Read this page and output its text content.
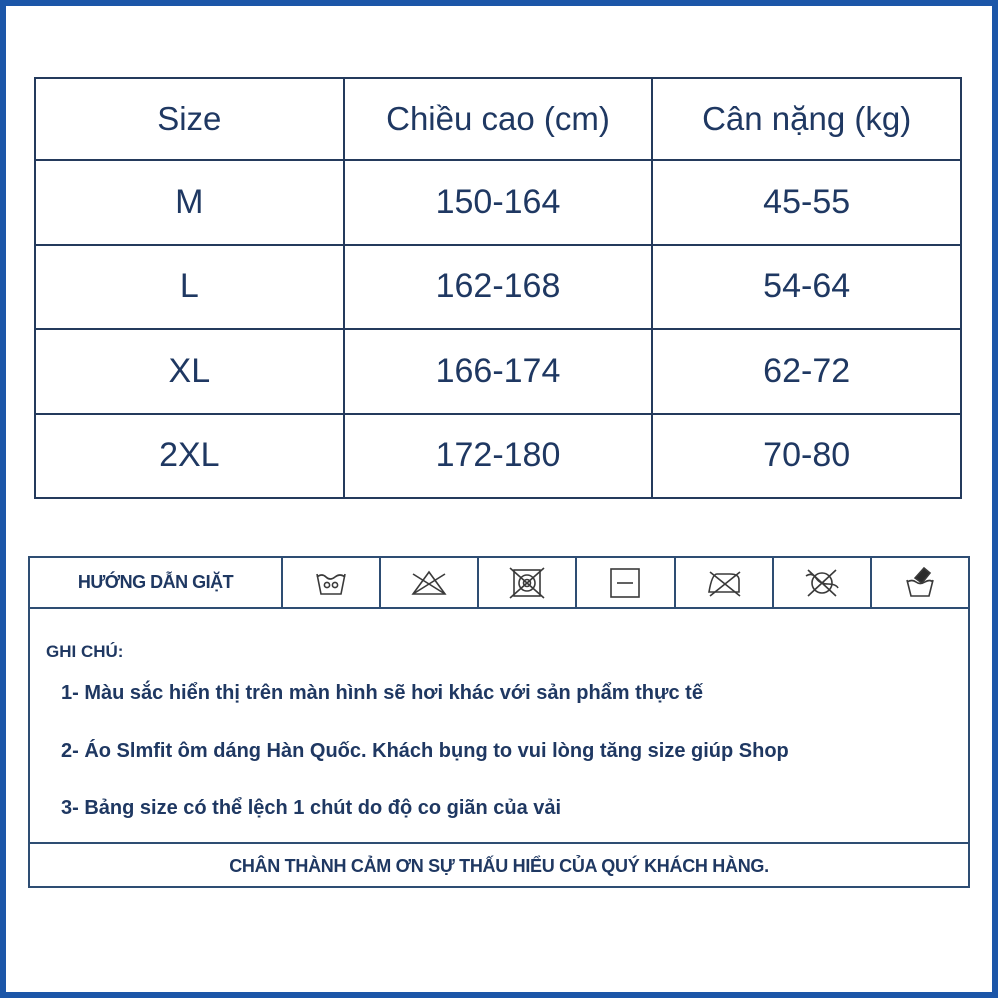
Size	Chiều cao (cm)	Cân nặng (kg)
M	150-164	45-55
L	162-168	54-64
XL	166-174	62-72
2XL	172-180	70-80
HƯỚNG DẪN GIẶT
GHI CHÚ:
1- Màu sắc hiển thị trên màn hình sẽ hơi khác với sản phẩm thực tế
2- Áo Slmfit ôm dáng Hàn Quốc. Khách bụng to vui lòng tăng size giúp Shop
3- Bảng size có thể lệch 1 chút do độ co giãn của vải
CHÂN THÀNH CẢM ƠN SỰ THẤU HIỂU CỦA QUÝ KHÁCH HÀNG.
